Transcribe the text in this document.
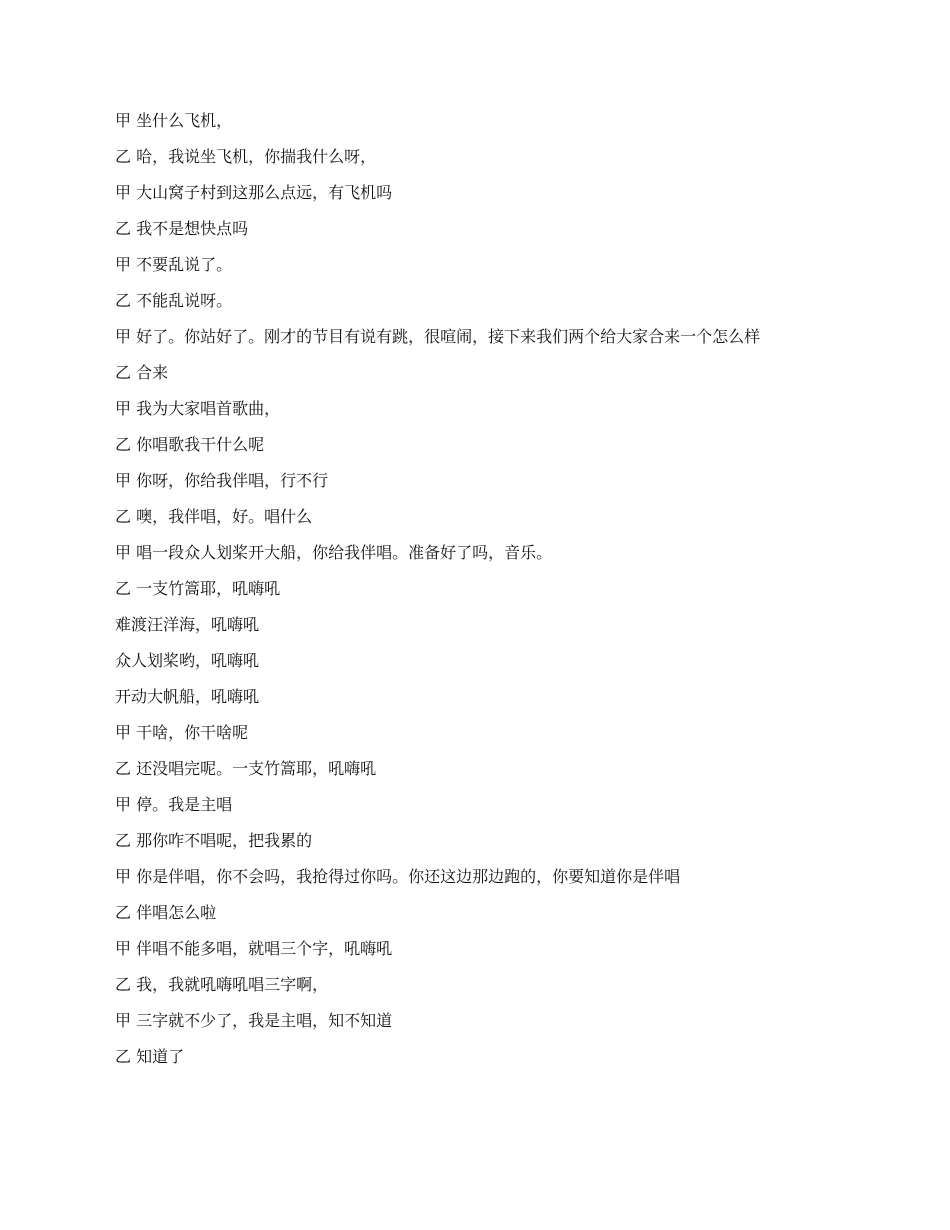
甲 坐什么飞机，
乙 哈，我说坐飞机，你揣我什么呀，
甲 大山窝子村到这那么点远，有飞机吗
乙 我不是想快点吗
甲 不要乱说了。
乙 不能乱说呀。
甲 好了。你站好了。刚才的节目有说有跳，很喧闹，接下来我们两个给大家合来一个怎么样
乙 合来
甲 我为大家唱首歌曲，
乙 你唱歌我干什么呢
甲 你呀，你给我伴唱，行不行
乙 噢，我伴唱，好。唱什么
甲 唱一段众人划桨开大船，你给我伴唱。准备好了吗，音乐。
乙 一支竹篙耶，吼嗨吼
难渡汪洋海，吼嗨吼
众人划桨哟，吼嗨吼
开动大帆船，吼嗨吼
甲 干啥，你干啥呢
乙 还没唱完呢。一支竹篙耶，吼嗨吼
甲 停。我是主唱
乙 那你咋不唱呢，把我累的
甲 你是伴唱，你不会吗，我抢得过你吗。你还这边那边跑的，你要知道你是伴唱
乙 伴唱怎么啦
甲 伴唱不能多唱，就唱三个字，吼嗨吼
乙 我，我就吼嗨吼唱三字啊，
甲 三字就不少了，我是主唱，知不知道
乙 知道了
